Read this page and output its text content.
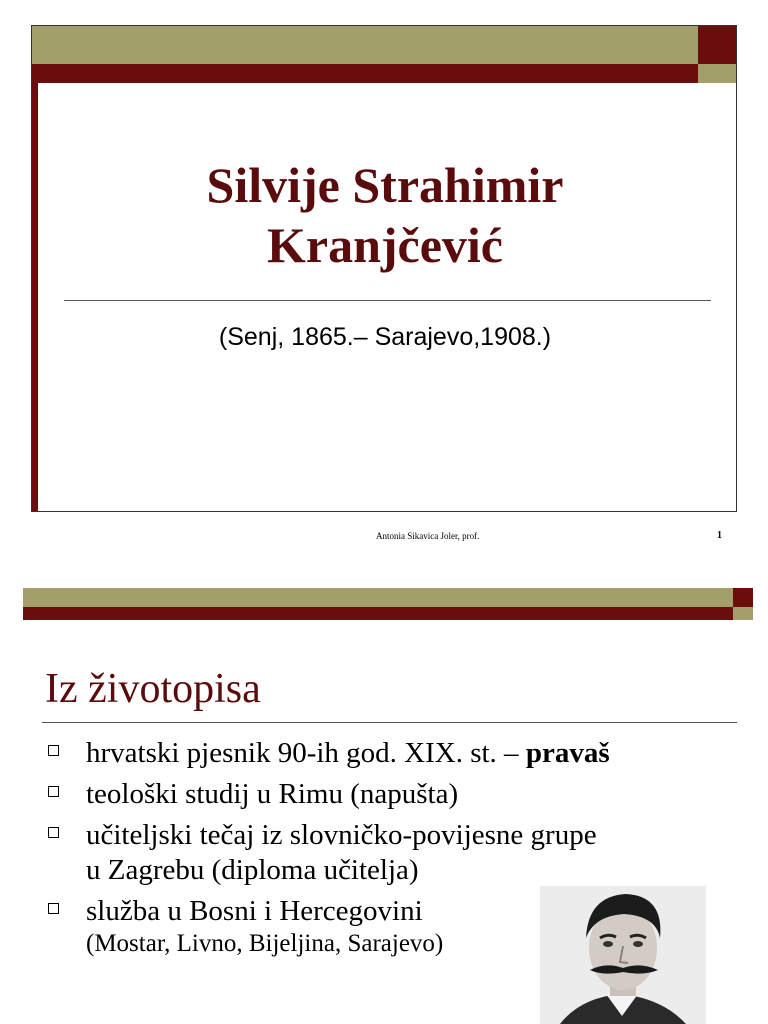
Silvije Strahimir
Kranjčević
(Senj, 1865.– Sarajevo,1908.)
Antonia Sikavica Joler, prof.	1
Iz životopisa
hrvatski pjesnik 90-ih god. XIX. st. – pravaš
teološki studij u Rimu (napušta)
učiteljski tečaj iz slovničko-povijesne grupe
u Zagrebu (diploma učitelja)
služba u Bosni i Hercegovini
(Mostar, Livno, Bijeljina, Sarajevo)
